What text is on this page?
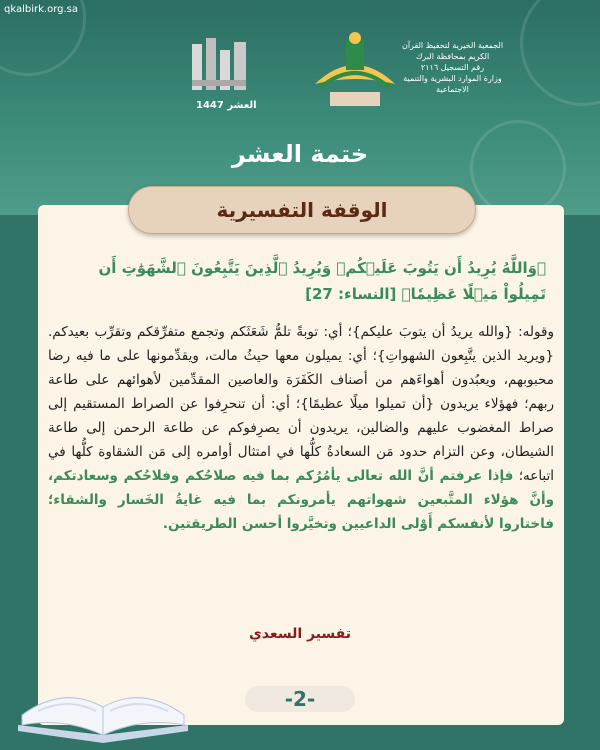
qkalbirk.org.sa
العشر 1447
الجمعية الخيرية لتحفيظ القرآن الكريم بمحافظة البرك
رقم التسجيل ٢١١٦
وزارة الموارد البشرية والتنمية الاجتماعية
ختمة العشر
الوقفة التفسيرية
﴿وَاللَّهُ يُرِيدُ أَن يَتُوبَ عَلَيۡكُمۡ وَيُرِيدُ ٱلَّذِينَ يَتَّبِعُونَ ٱلشَّهَوَٰتِ أَن تَمِيلُواْ مَيۡلًا عَظِيمٗا﴾ [النساء: 27]
وقوله: {والله يريدُ أن يتوبَ عليكم}؛ أي: توبةً تلمُّ شَعَثَكم وتجمع متفرِّقكم وتقرِّب بعيدكم. {ويريد الذين يتَّبِعون الشهواتِ}؛ أي: يميلون معها حيثُ مالت، ويقدِّمونها على ما فيه رضا محبوبهم، ويعبُدون أهواءَهم من أصناف الكَفَرَة والعاصين المقدِّمين لأهوائهم على طاعة ربهم؛ فهؤلاء يريدون {أن تميلوا ميلًا عظيمًا}؛ أي: أن تنحرِفوا عن الصراط المستقيم إلى صراط المغضوب عليهم والضالين، يريدون أن يصرِفوكم عن طاعة الرحمن إلى طاعة الشيطان، وعن التزام حدود مَن السعادةُ كلُّها في امتثال أوامره إلى مَن الشقاوة كلُّها في اتباعه؛ فإذا عرفتم أنَّ الله تعالى يأمُرُكم بما فيه صلاحُكم وفلاحُكم وسعادتكم، وأنَّ هؤلاء المتَّبعين شهواتهم يأمرونكم بما فيه غايةُ الخَسار والشقاء؛ فاختاروا لأنفسكم أَوْلى الداعيين وتخيَّروا أحسن الطريقتين.
تفسير السعدي
-2-
